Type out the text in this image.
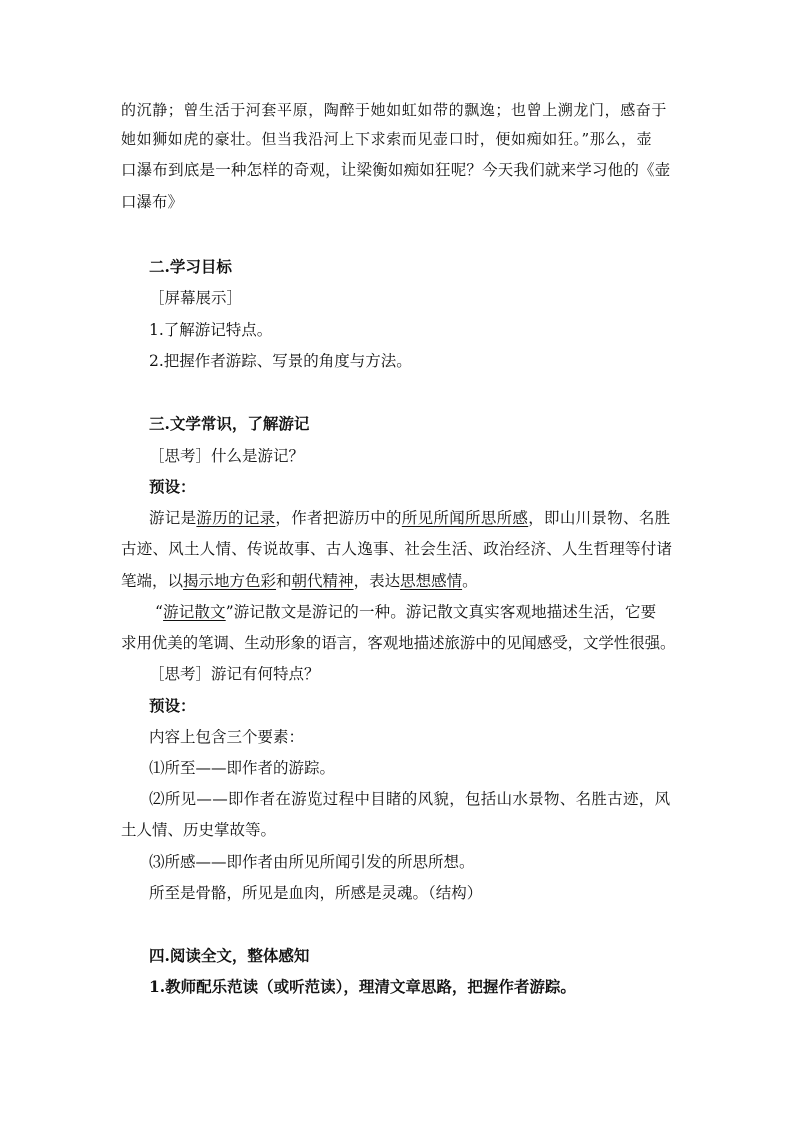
的沉静；曾生活于河套平原，陶醉于她如虹如带的飘逸；也曾上溯龙门，感奋于
她如狮如虎的豪壮。但当我沿河上下求索而见壶口时，便如痴如狂。”那么，壶
口瀑布到底是一种怎样的奇观，让梁衡如痴如狂呢？今天我们就来学习他的《壶
口瀑布》
二.学习目标
［屏幕展示］
1.了解游记特点。
2.把握作者游踪、写景的角度与方法。
三.文学常识，了解游记
［思考］什么是游记？
预设：
游记是游历的记录，作者把游历中的所见所闻所思所感，即山川景物、名胜
古迹、风土人情、传说故事、古人逸事、社会生活、政治经济、人生哲理等付诸
笔端，以揭示地方色彩和朝代精神，表达思想感情。
“游记散文”游记散文是游记的一种。游记散文真实客观地描述生活，它要
求用优美的笔调、生动形象的语言，客观地描述旅游中的见闻感受，文学性很强。
［思考］游记有何特点？
预设：
内容上包含三个要素：
⑴所至——即作者的游踪。
⑵所见——即作者在游览过程中目睹的风貌，包括山水景物、名胜古迹，风
土人情、历史掌故等。
⑶所感——即作者由所见所闻引发的所思所想。
所至是骨骼，所见是血肉，所感是灵魂。（结构）
四.阅读全文，整体感知
1.教师配乐范读（或听范读），理清文章思路，把握作者游踪。
